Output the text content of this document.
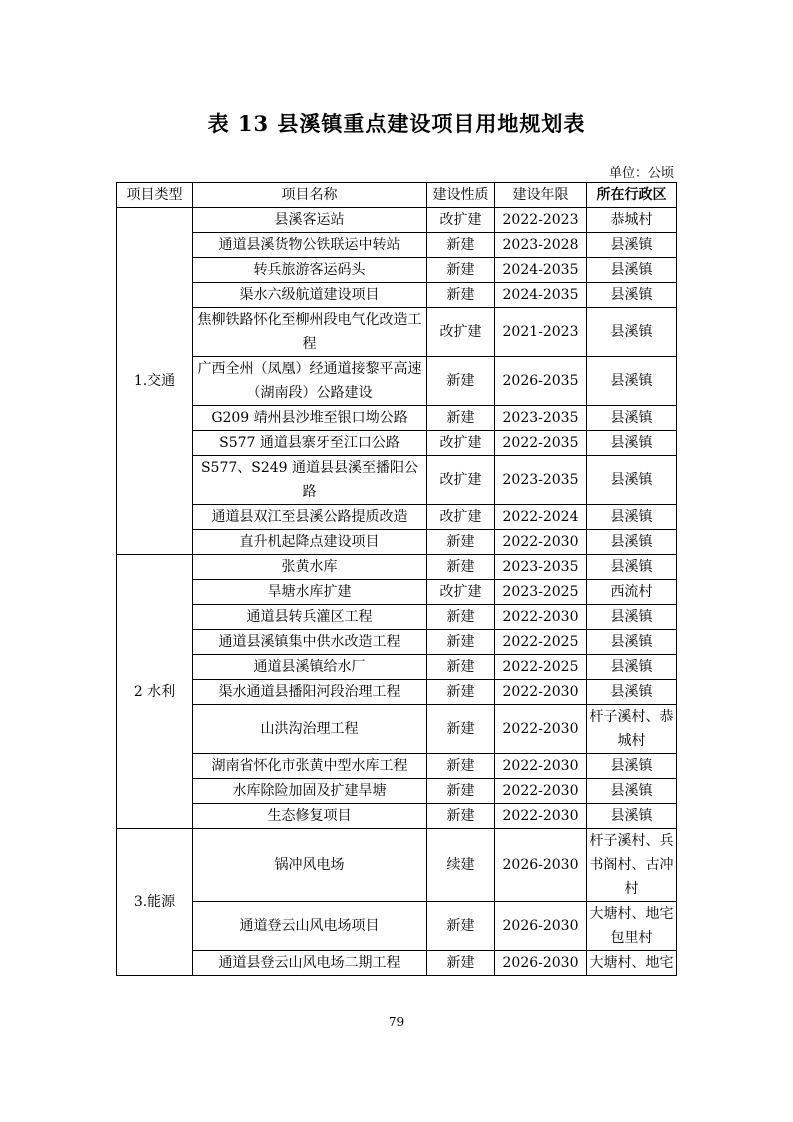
表 13 县溪镇重点建设项目用地规划表
单位：公顷
项目类型	项目名称	建设性质	建设年限	所在行政区
1.交通	县溪客运站	改扩建	2022-2023	恭城村
	通道县溪货物公铁联运中转站	新建	2023-2028	县溪镇
	转兵旅游客运码头	新建	2024-2035	县溪镇
	渠水六级航道建设项目	新建	2024-2035	县溪镇
	焦柳铁路怀化至柳州段电气化改造工程	改扩建	2021-2023	县溪镇
	广西全州（凤凰）经通道接黎平高速（湖南段）公路建设	新建	2026-2035	县溪镇
	G209 靖州县沙堆至银口坳公路	新建	2023-2035	县溪镇
	S577 通道县寨牙至江口公路	改扩建	2022-2035	县溪镇
	S577、S249 通道县县溪至播阳公路	改扩建	2023-2035	县溪镇
	通道县双江至县溪公路提质改造	改扩建	2022-2024	县溪镇
	直升机起降点建设项目	新建	2022-2030	县溪镇
2 水利	张黄水库	新建	2023-2035	县溪镇
	旱塘水库扩建	改扩建	2023-2025	西流村
	通道县转兵灌区工程	新建	2022-2030	县溪镇
	通道县溪镇集中供水改造工程	新建	2022-2025	县溪镇
	通道县溪镇给水厂	新建	2022-2025	县溪镇
	渠水通道县播阳河段治理工程	新建	2022-2030	县溪镇
	山洪沟治理工程	新建	2022-2030	杆子溪村、恭城村
	湖南省怀化市张黄中型水库工程	新建	2022-2030	县溪镇
	水库除险加固及扩建旱塘	新建	2022-2030	县溪镇
	生态修复项目	新建	2022-2030	县溪镇
3.能源	锅冲风电场	续建	2026-2030	杆子溪村、兵书阁村、古冲村
	通道登云山风电场项目	新建	2026-2030	大塘村、地宅包里村
	通道县登云山风电场二期工程	新建	2026-2030	大塘村、地宅
79
